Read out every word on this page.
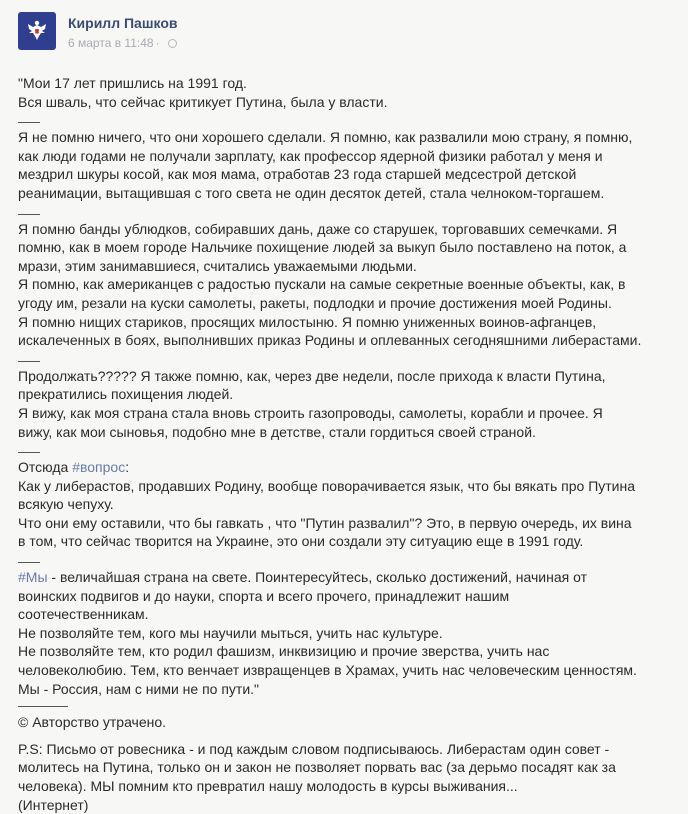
Кирилл Пашков
6 марта в 11:48 ·

"Мои 17 лет пришлись на 1991 год.

Вся шваль, что сейчас критикует Путина, была у власти.

Я не помню ничего, что они хорошего сделали. Я помню, как развалили мою страну, я помню,

как люди годами не получали зарплату, как профессор ядерной физики работал у меня и

мездрил шкуры косой, как моя мама, отработав 23 года старшей медсестрой детской

реанимации, вытащившая с того света не один десяток детей, стала челноком-торгашем.

Я помню банды ублюдков, собиравших дань, даже со старушек, торговавших семечками. Я

помню, как в моем городе Нальчике похищение людей за выкуп было поставлено на поток, а

мрази, этим занимавшиеся, считались уважаемыми людьми.

Я помню, как американцев с радостью пускали на самые секретные военные объекты, как, в

угоду им, резали на куски самолеты, ракеты, подлодки и прочие достижения моей Родины.

Я помню нищих стариков, просящих милостыню. Я помню униженных воинов-афганцев,

искалеченных в боях, выполнивших приказ Родины и оплеванных сегодняшними либерастами.

Продолжать????? Я также помню, как, через две недели, после прихода к власти Путина,

прекратились похищения людей.

Я вижу, как моя страна стала вновь строить газопроводы, самолеты, корабли и прочее. Я

вижу, как мои сыновья, подобно мне в детстве, стали гордиться своей страной.

Отсюда #вопрос:

Как у либерастов, продавших Родину, вообще поворачивается язык, что бы вякать про Путина

всякую чепуху.

Что они ему оставили, что бы гавкать , что "Путин развалил"? Это, в первую очередь, их вина

в том, что сейчас творится на Украине, это они создали эту ситуацию еще в 1991 году.

#Мы - величайшая страна на свете. Поинтересуйтесь, сколько достижений, начиная от

воинских подвигов и до науки, спорта и всего прочего, принадлежит нашим

соотечественникам.

Не позволяйте тем, кого мы научили мыться, учить нас культуре.

Не позволяйте тем, кто родил фашизм, инквизицию и прочие зверства, учить нас

человеколюбию. Тем, кто венчает извращенцев в Храмах, учить нас человеческим ценностям.

Мы - Россия, нам с ними не по пути."

© Авторство утрачено.

P.S: Письмо от ровесника - и под каждым словом подписываюсь. Либерастам один совет -

молитесь на Путина, только он и закон не позволяет порвать вас (за дерьмо посадят как за

человека). МЫ помним кто превратил нашу молодость в курсы выживания...

(Интернет)
